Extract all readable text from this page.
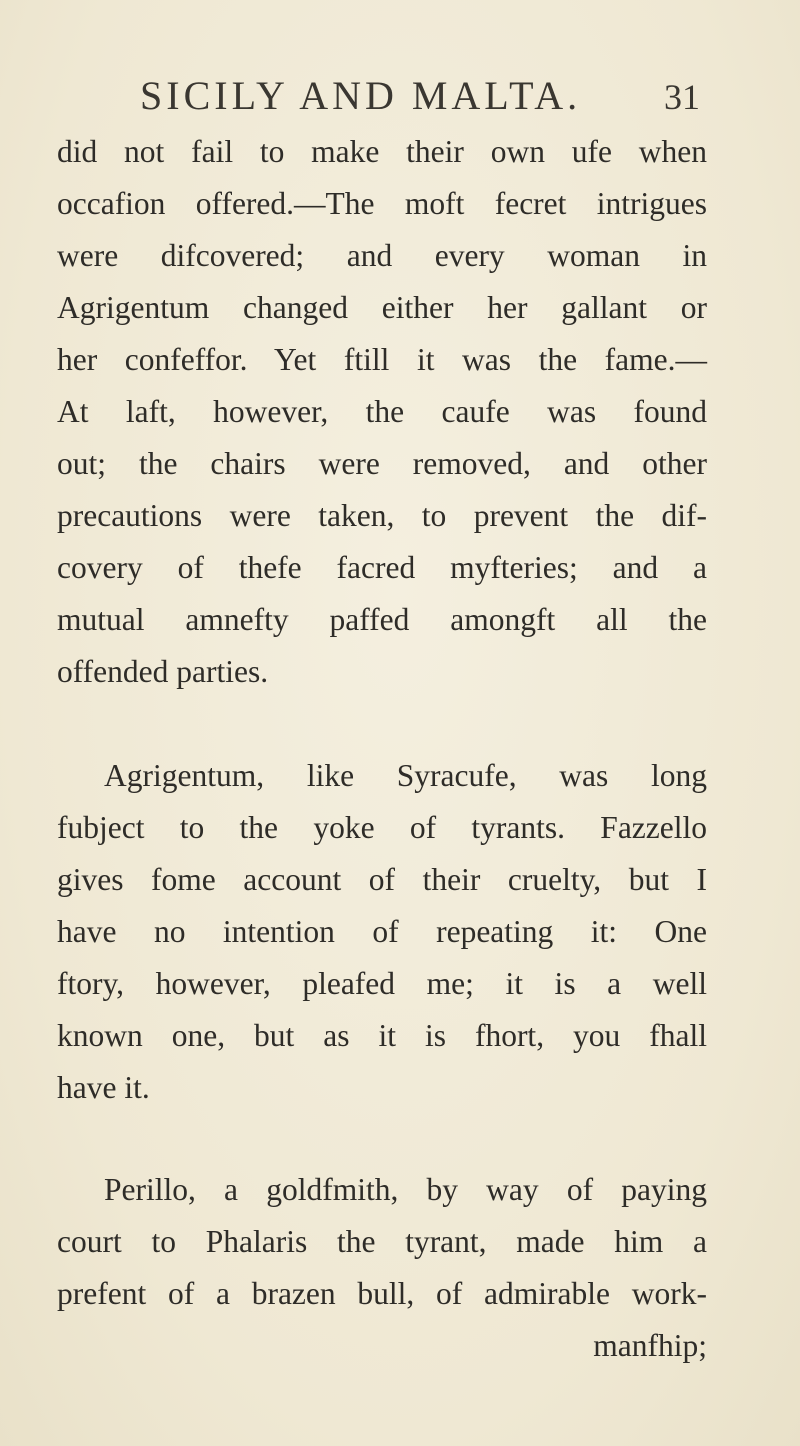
SICILY AND MALTA. 31
did not fail to make their own ufe when
occafion offered.—The moft fecret intrigues
were difcovered; and every woman in
Agrigentum changed either her gallant or
her confeffor. Yet ftill it was the fame.—
At laft, however, the caufe was found
out; the chairs were removed, and other
precautions were taken, to prevent the dif-
covery of thefe facred myfteries; and a
mutual amnefty paffed amongft all the
offended parties.
Agrigentum, like Syracufe, was long
fubject to the yoke of tyrants. Fazzello
gives fome account of their cruelty, but I
have no intention of repeating it: One
ftory, however, pleafed me; it is a well
known one, but as it is fhort, you fhall
have it.
Perillo, a goldfmith, by way of paying
court to Phalaris the tyrant, made him a
prefent of a brazen bull, of admirable work-
manfhip;
